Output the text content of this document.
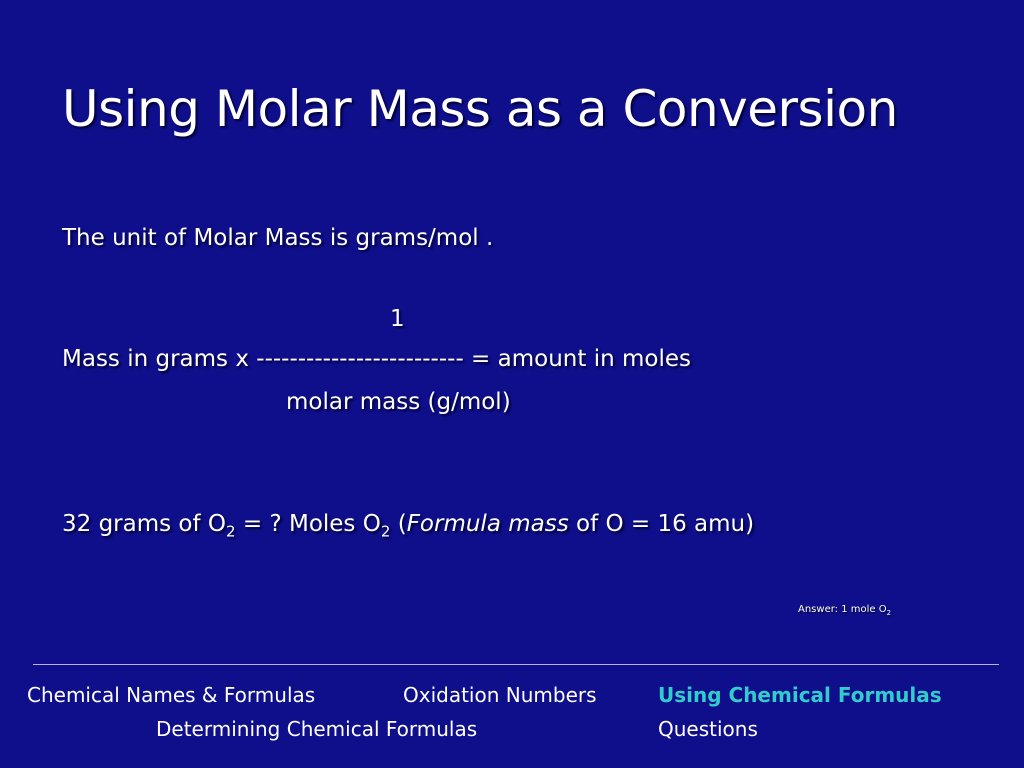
Using Molar Mass as a Conversion
The unit of Molar Mass is grams/mol .
1
Mass in grams x ------------------------- = amount in moles
molar mass (g/mol)
32 grams of $O_2$ = ? Moles $O_2$ (Formula mass of O = 16 amu)
Answer: 1 mole $O_2$
Chemical Names & Formulas	Oxidation Numbers	Using Chemical Formulas
Determining Chemical Formulas	Questions
